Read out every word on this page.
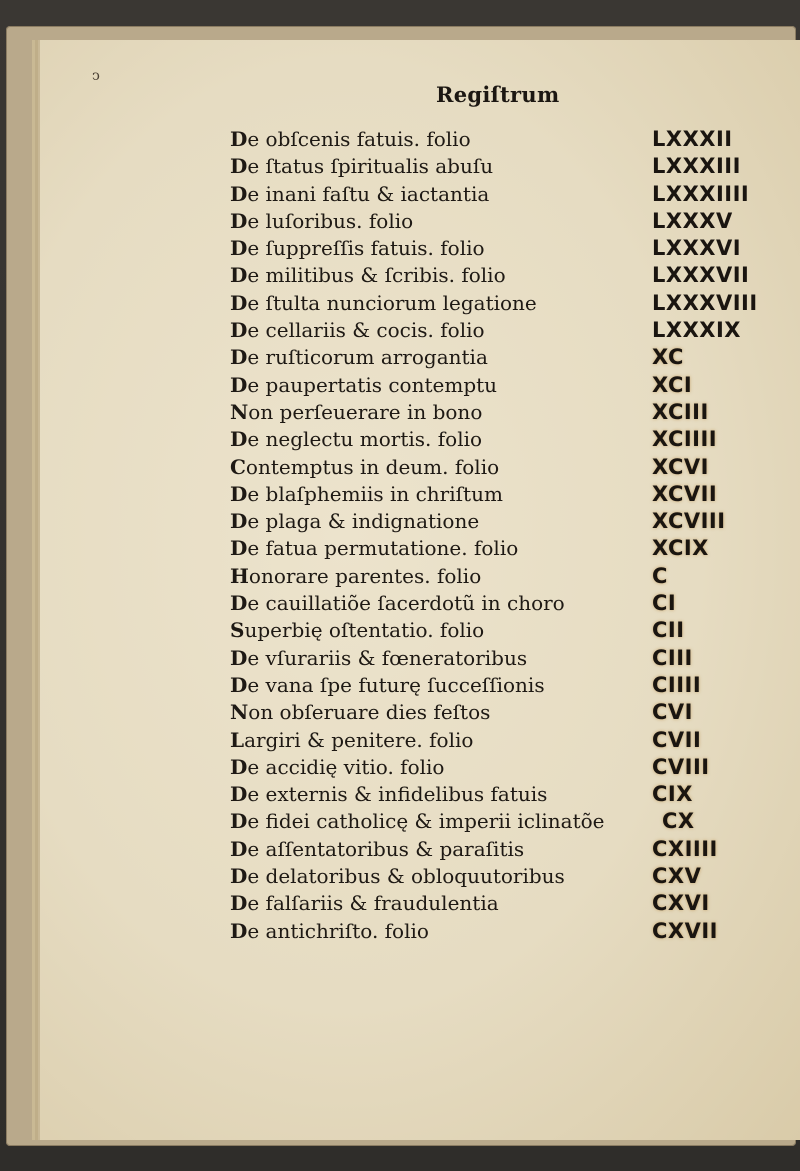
ↄ
Regiſtrum
De obſcenis fatuis. folio	LXXXII
De ſtatus ſpiritualis abuſu	LXXXIII
De inani faſtu & iactantia	LXXXIIII
De luſoribus. folio	LXXXV
De ſuppreſſis fatuis. folio	LXXXVI
De militibus & ſcribis. folio	LXXXVII
De ſtulta nunciorum legatione	LXXXVIII
De cellariis & cocis. folio	LXXXIX
De ruſticorum arrogantia	XC
De paupertatis contemptu	XCI
Non perſeuerare in bono	XCIII
De neglectu mortis. folio	XCIIII
Contemptus in deum. folio	XCVI
De blaſphemiis in chriſtum	XCVII
De plaga & indignatione	XCVIII
De fatua permutatione. folio	XCIX
Honorare parentes. folio	C
De cauillatiõe ſacerdotũ in choro	CI
Superbię oſtentatio. folio	CII
De vſurariis & fœneratoribus	CIII
De vana ſpe futurę ſucceſſionis	CIIII
Non obſeruare dies feſtos	CVI
Largiri & penitere. folio	CVII
De accidię vitio. folio	CVIII
De externis & infidelibus fatuis	CIX
De fidei catholicę & imperii iclinatõe	CX
De aſſentatoribus & paraſitis	CXIIII
De delatoribus & obloquutoribus	CXV
De falſariis & fraudulentia	CXVI
De antichriſto. folio	CXVII
